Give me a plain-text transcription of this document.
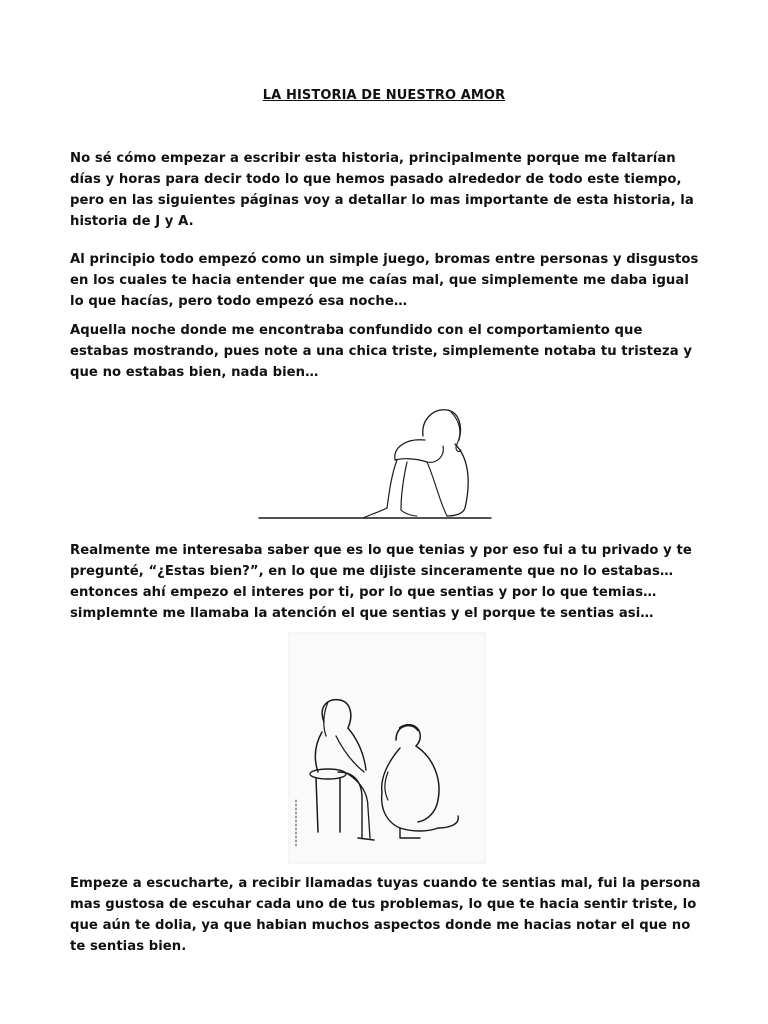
LA HISTORIA DE NUESTRO AMOR

No sé cómo empezar a escribir esta historia, principalmente porque me faltarían días y horas para decir todo lo que hemos pasado alrededor de todo este tiempo, pero en las siguientes páginas voy a detallar lo mas importante de esta historia, la historia de J y A.

Al principio todo empezó como un simple juego, bromas entre personas y disgustos en los cuales te hacia entender que me caías mal, que simplemente me daba igual lo que hacías, pero todo empezó esa noche…

Aquella noche donde me encontraba confundido con el comportamiento que estabas mostrando, pues note a una chica triste, simplemente notaba tu tristeza y que no estabas bien, nada bien…

Realmente me interesaba saber que es lo que tenias y por eso fui a tu privado y te pregunté, “¿Estas bien?”, en lo que me dijiste sinceramente que no lo estabas… entonces ahí empezo el interes por ti, por lo que sentias y por lo que temias… simplemnte me llamaba la atención el que sentias y el porque te sentias asi…

Empeze a escucharte, a recibir llamadas tuyas cuando te sentias mal, fui la persona mas gustosa de escuhar cada uno de tus problemas, lo que te hacia sentir triste, lo que aún te dolia, ya que habian muchos aspectos donde me hacias notar el que no te sentias bien.
